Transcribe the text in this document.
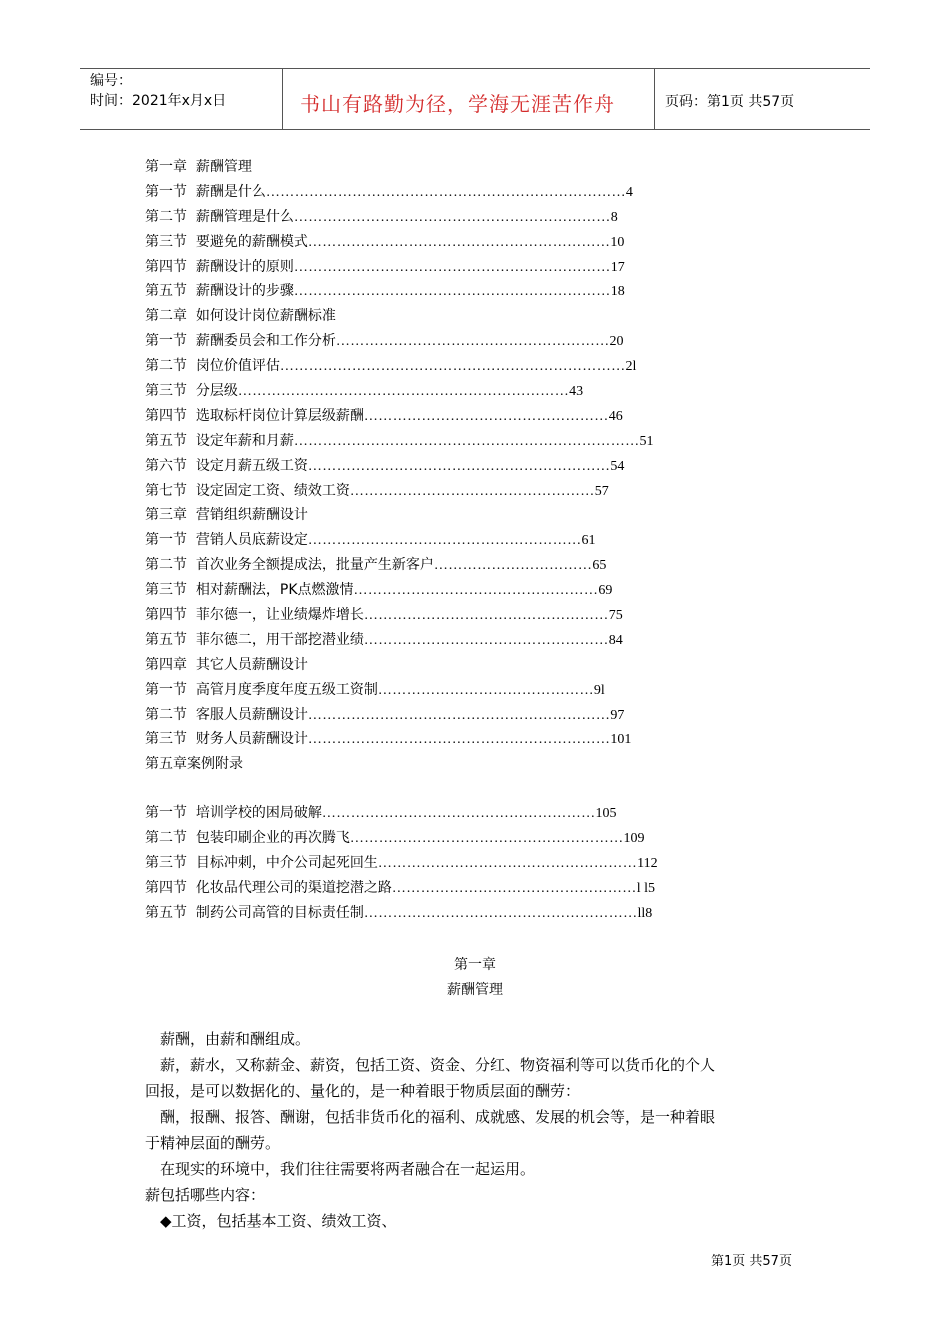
编号：
时间：2021年x月x日	书山有路勤为径，学海无涯苦作舟	页码：第1页 共57页
第一章 薪酬管理
第一节 薪酬是什么…………………………………………………………………4
第二节 薪酬管理是什么…………………………………………………………8
第三节 要避免的薪酬模式………………………………………………………10
第四节 薪酬设计的原则…………………………………………………………17
第五节 薪酬设计的步骤…………………………………………………………18
第二章 如何设计岗位薪酬标准
第一节 薪酬委员会和工作分析…………………………………………………20
第二节 岗位价值评估………………………………………………………………2l
第三节 分层级……………………………………………………………43
第四节 选取标杆岗位计算层级薪酬……………………………………………46
第五节 设定年薪和月薪………………………………………………………………51
第六节 设定月薪五级工资………………………………………………………54
第七节 设定固定工资、绩效工资……………………………………………57
第三章 营销组织薪酬设计
第一节 营销人员底薪设定…………………………………………………61
第二节 首次业务全额提成法，批量产生新客户……………………………65
第三节 相对薪酬法，PK点燃激情……………………………………………69
第四节 菲尔德一，让业绩爆炸增长……………………………………………75
第五节 菲尔德二，用干部挖潜业绩……………………………………………84
第四章 其它人员薪酬设计
第一节 高管月度季度年度五级工资制………………………………………9l
第二节 客服人员薪酬设计………………………………………………………97
第三节 财务人员薪酬设计………………………………………………………101
第五章案例附录
第一节 培训学校的困局破解…………………………………………………105
第二节 包装印刷企业的再次腾飞…………………………………………………109
第三节 目标冲刺，中介公司起死回生………………………………………………112
第四节 化妆品代理公司的渠道挖潜之路……………………………………………l l5
第五节 制药公司高管的目标责任制…………………………………………………ll8
第一章
薪酬管理

　薪酬，由薪和酬组成。

　薪，薪水，又称薪金、薪资，包括工资、资金、分红、物资福利等可以货币化的个人回报，是可以数据化的、量化的，是一种着眼于物质层面的酬劳：

　酬，报酬、报答、酬谢，包括非货币化的福利、成就感、发展的机会等，是一种着眼于精神层面的酬劳。

　在现实的环境中，我们往往需要将两者融合在一起运用。

薪包括哪些内容：

　◆工资，包括基本工资、绩效工资、

第1页 共57页
